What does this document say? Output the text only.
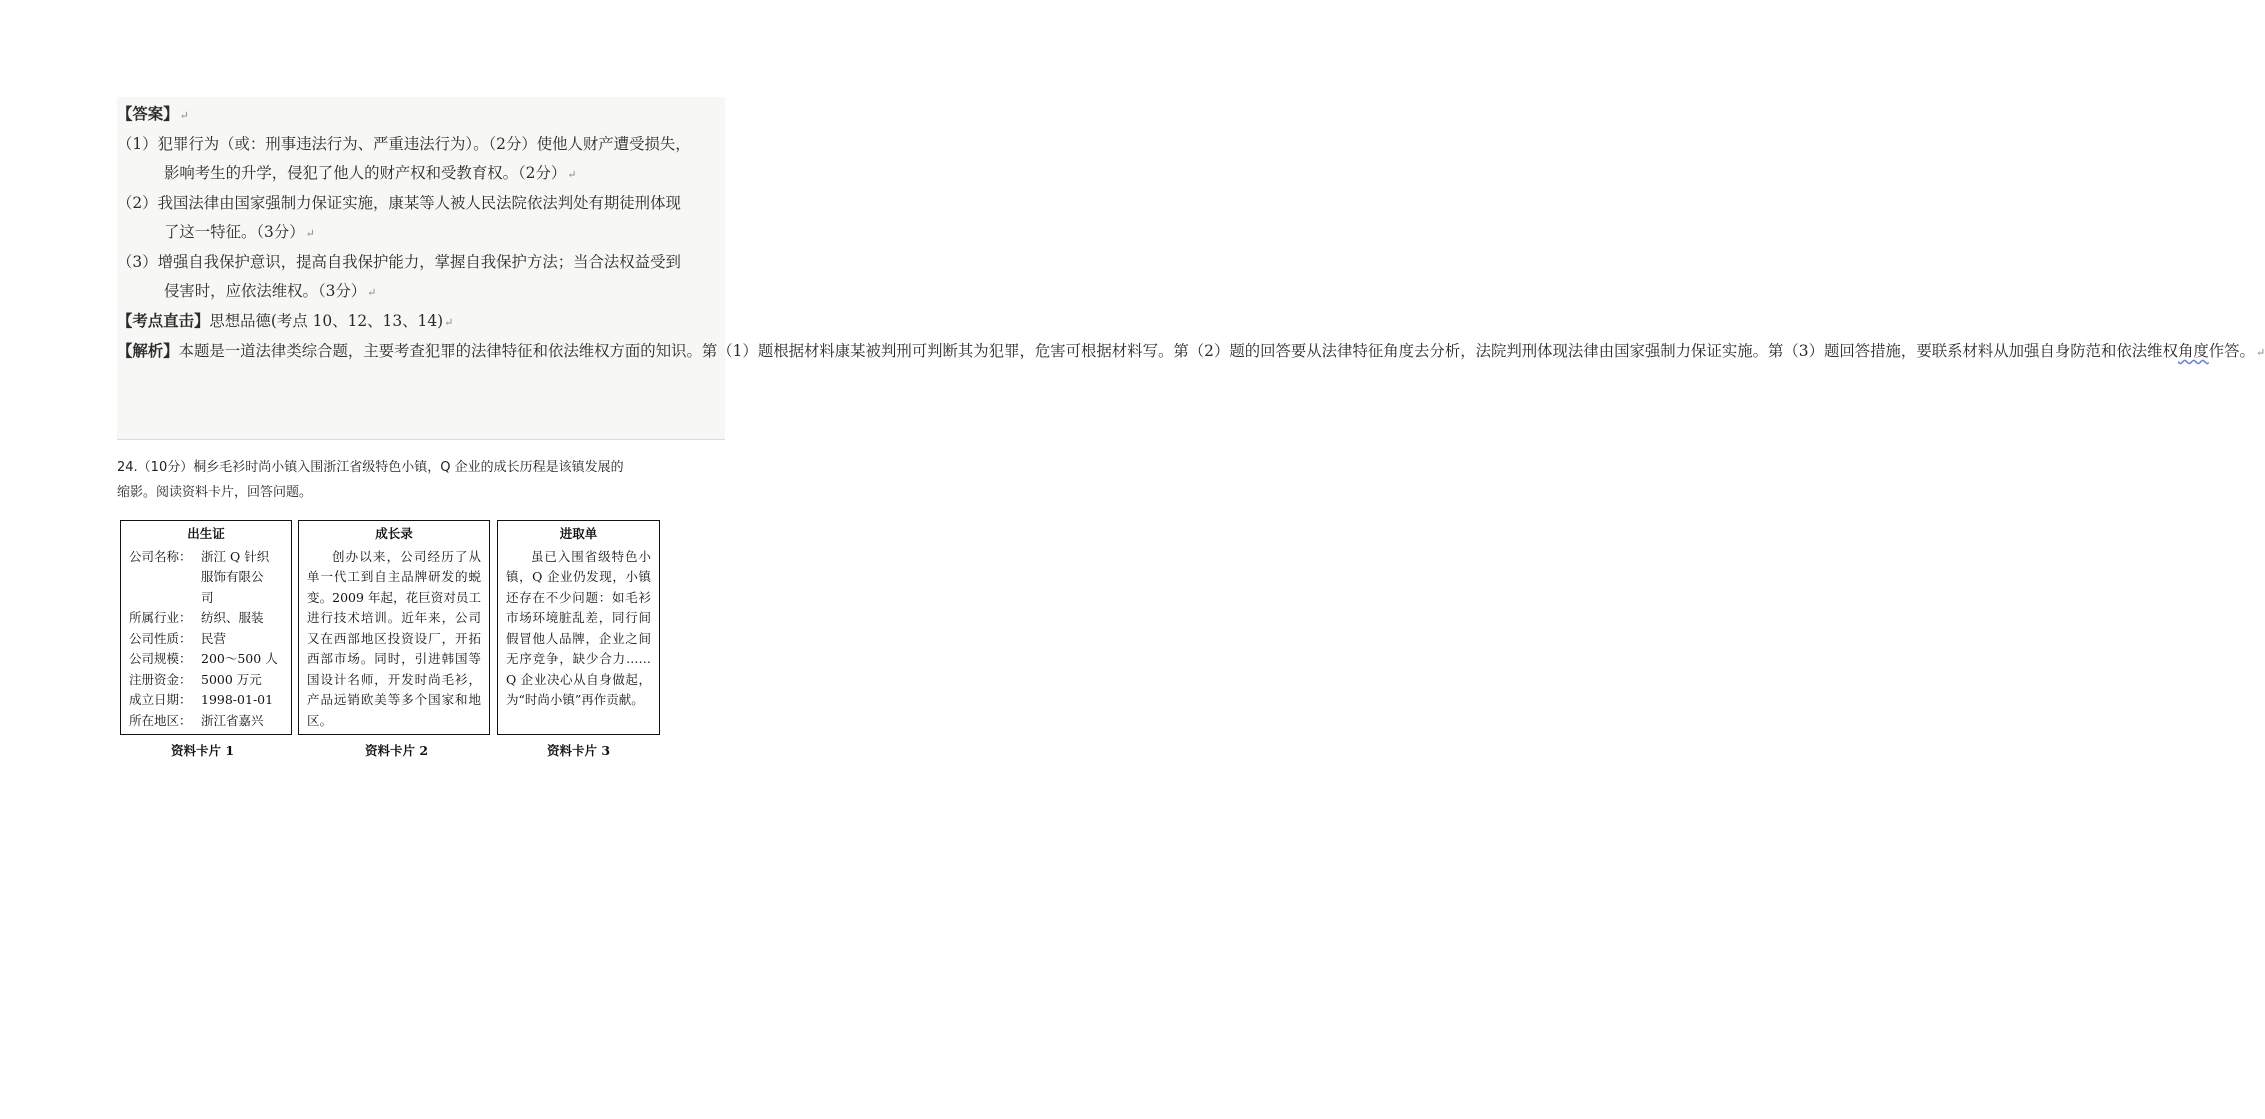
【答案】↵

（1）犯罪行为（或：刑事违法行为、严重违法行为）。（2分）使他人财产遭受损失，

影响考生的升学，侵犯了他人的财产权和受教育权。（2分）↵

（2）我国法律由国家强制力保证实施，康某等人被人民法院依法判处有期徒刑体现

了这一特征。（3分）↵

（3）增强自我保护意识，提高自我保护能力，掌握自我保护方法；当合法权益受到

侵害时，应依法维权。（3分）↵

【考点直击】思想品德(考点 10、12、13、14)↵

【解析】本题是一道法律类综合题，主要考查犯罪的法律特征和依法维权方面的知识。第（1）题根据材料康某被判刑可判断其为犯罪，危害可根据材料写。第（2）题的回答要从法律特征角度去分析，法院判刑体现法律由国家强制力保证实施。第（3）题回答措施，要联系材料从加强自身防范和依法维权角度作答。↵

24.（10分）桐乡毛衫时尚小镇入围浙江省级特色小镇，Q 企业的成长历程是该镇发展的

缩影。阅读资料卡片，回答问题。

出生证
公司名称： 浙江 Q 针织
服饰有限公
司
所属行业： 纺织、服装
公司性质： 民营
公司规模： 200～500 人
注册资金： 5000 万元
成立日期： 1998-01-01
所在地区： 浙江省嘉兴
成长录
创办以来，公司经历了从单一代工到自主品牌研发的蜕变。2009 年起，花巨资对员工进行技术培训。近年来，公司又在西部地区投资设厂，开拓西部市场。同时，引进韩国等国设计名师，开发时尚毛衫，产品远销欧美等多个国家和地区。
进取单
虽已入围省级特色小镇，Q 企业仍发现，小镇还存在不少问题：如毛衫市场环境脏乱差，同行间假冒他人品牌，企业之间无序竞争，缺少合力……Q 企业决心从自身做起，为“时尚小镇”再作贡献。
资料卡片 1	资料卡片 2	资料卡片 3
